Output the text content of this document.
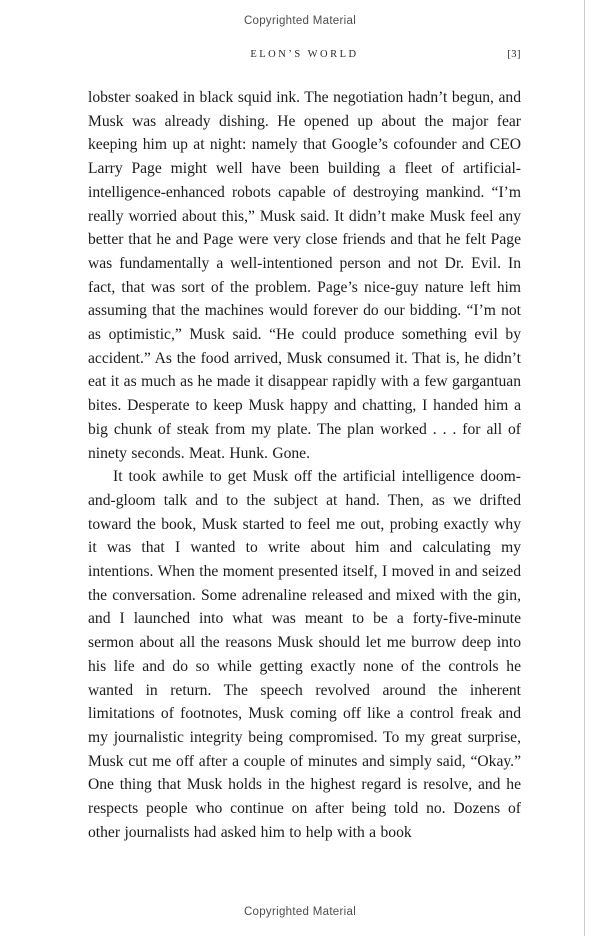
Copyrighted Material
ELON’S WORLD	[3]

lobster soaked in black squid ink. The negotiation hadn’t begun, and Musk was already dishing. He opened up about the major fear keeping him up at night: namely that Google’s cofounder and CEO Larry Page might well have been building a fleet of artificial-intelligence-enhanced robots capable of destroying mankind. “I’m really worried about this,” Musk said. It didn’t make Musk feel any better that he and Page were very close friends and that he felt Page was fundamentally a well-intentioned person and not Dr. Evil. In fact, that was sort of the problem. Page’s nice-guy nature left him assuming that the machines would forever do our bidding. “I’m not as optimistic,” Musk said. “He could produce something evil by accident.” As the food arrived, Musk consumed it. That is, he didn’t eat it as much as he made it disappear rapidly with a few gargantuan bites. Desperate to keep Musk happy and chatting, I handed him a big chunk of steak from my plate. The plan worked . . . for all of ninety seconds. Meat. Hunk. Gone.

It took awhile to get Musk off the artificial intelligence doom-and-gloom talk and to the subject at hand. Then, as we drifted toward the book, Musk started to feel me out, probing exactly why it was that I wanted to write about him and calculating my intentions. When the moment presented itself, I moved in and seized the conversation. Some adrenaline released and mixed with the gin, and I launched into what was meant to be a forty-five-minute sermon about all the reasons Musk should let me burrow deep into his life and do so while getting exactly none of the controls he wanted in return. The speech revolved around the inherent limitations of footnotes, Musk coming off like a control freak and my journalistic integrity being compromised. To my great surprise, Musk cut me off after a couple of minutes and simply said, “Okay.” One thing that Musk holds in the highest regard is resolve, and he respects people who continue on after being told no. Dozens of other journalists had asked him to help with a book

Copyrighted Material
